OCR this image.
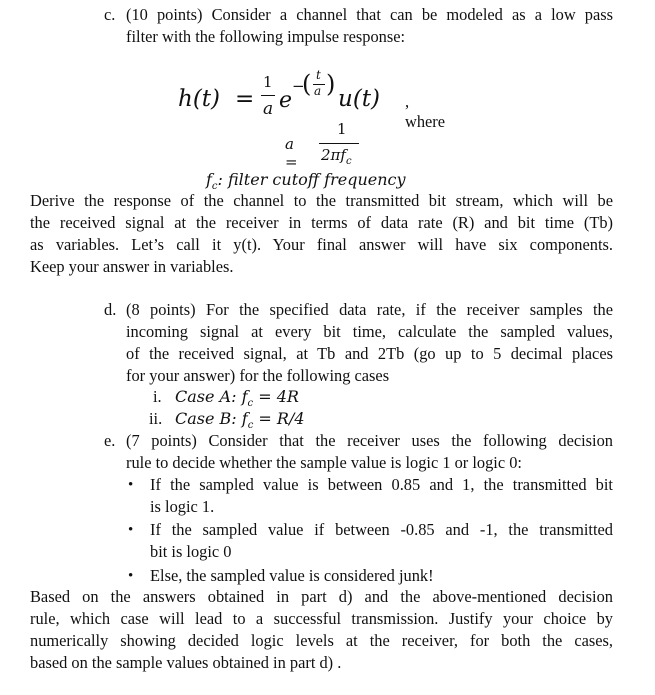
c. (10 points) Consider a channel that can be modeled as a low pass
filter with the following impulse response:
h(t) =
1
a e
−
( t
a )
u(t) , where
a =
1
$2\pi f_c$
$f_c$: filter cutoff frequency
Derive the response of the channel to the transmitted bit stream, which will be
the received signal at the receiver in terms of data rate (R) and bit time (Tb)
as variables. Let’s call it y(t). Your final answer will have six components.
Keep your answer in variables.
d. (8 points) For the specified data rate, if the receiver samples the
incoming signal at every bit time, calculate the sampled values,
of the received signal, at Tb and 2Tb (go up to 5 decimal places
for your answer) for the following cases
i. Case A: $f_c = 4R$
ii. Case B: $f_c = R/4$
e. (7 points) Consider that the receiver uses the following decision
rule to decide whether the sample value is logic 1 or logic 0:
• If the sampled value is between 0.85 and 1, the transmitted bit
is logic 1.
• If the sampled value if between -0.85 and -1, the transmitted
bit is logic 0
• Else, the sampled value is considered junk!
Based on the answers obtained in part d) and the above-mentioned decision
rule, which case will lead to a successful transmission. Justify your choice by
numerically showing decided logic levels at the receiver, for both the cases,
based on the sample values obtained in part d) .
